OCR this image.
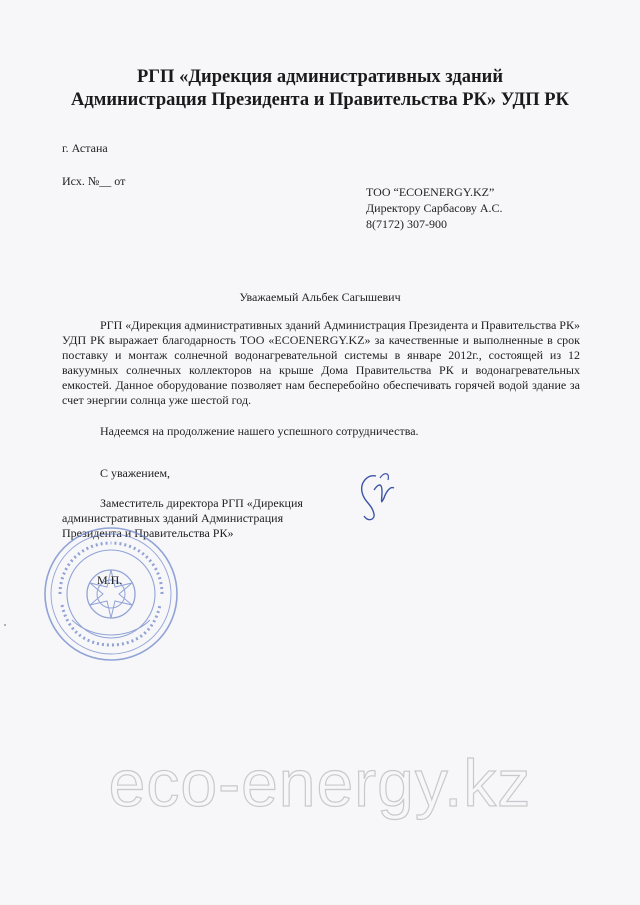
РГП «Дирекция административных зданий
Администрация Президента и Правительства РК» УДП РК
г. Астана
Исх. №__ от
ТОО “ECOENERGY.KZ”
Директору Сарбасову А.С.
8(7172) 307-900
Уважаемый Альбек Сагышевич
РГП «Дирекция административных зданий Администрация Президента и Правительства РК» УДП РК выражает благодарность ТОО «ECOENERGY.KZ» за качественные и выполненные в срок поставку и монтаж солнечной водонагревательной системы в январе 2012г., состоящей из 12 вакуумных солнечных коллекторов на крыше Дома Правительства РК и водонагревательных емкостей. Данное оборудование позволяет нам бесперебойно обеспечивать горячей водой здание за счет энергии солнца уже шестой год.
Надеемся на продолжение нашего успешного сотрудничества.
С уважением,
Заместитель директора РГП «Дирекция административных зданий Администрация Президента и Правительства РК»
М.П.
eco-energy.kz
